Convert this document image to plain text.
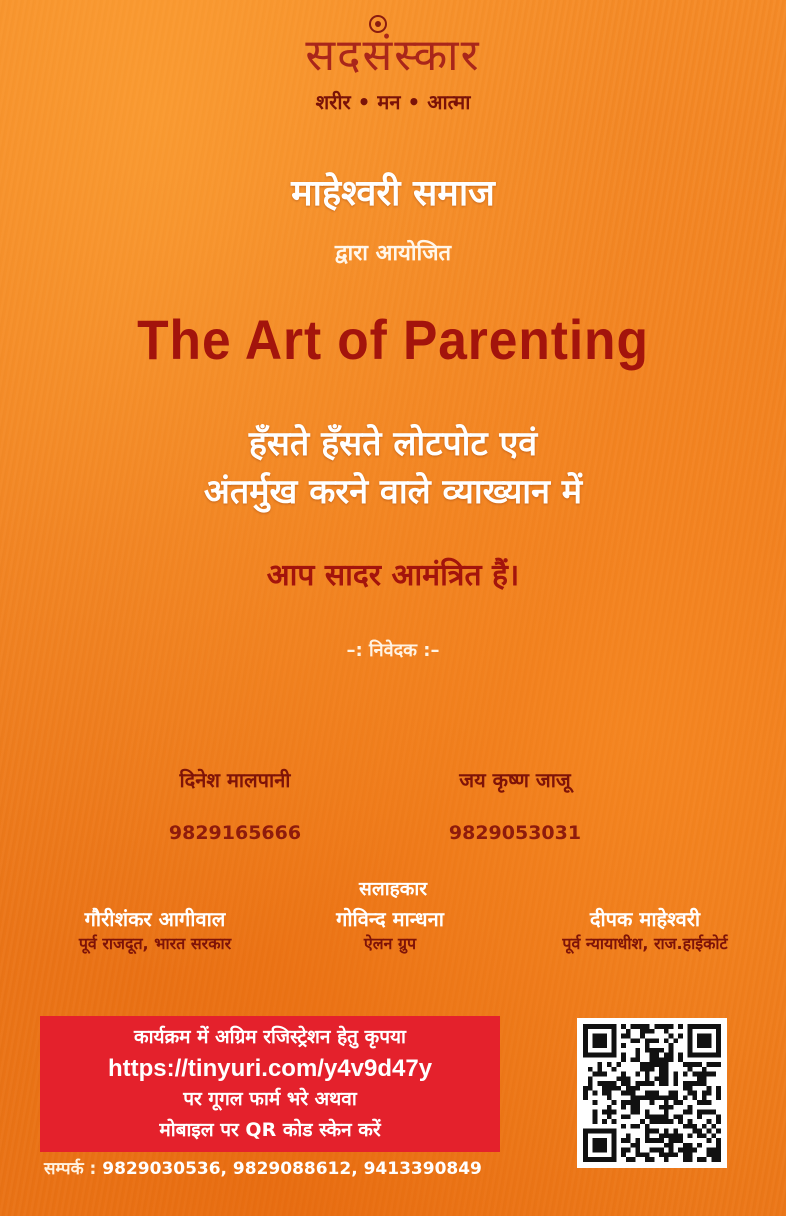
सदसंस्कार
शरीर • मन • आत्मा
माहेश्वरी समाज
द्वारा आयोजित
The Art of Parenting
हँसते हँसते लोटपोट एवं
अंतर्मुख करने वाले व्याख्यान में
आप सादर आमंत्रित हैं।
–: निवेदक :–
दिनेश मालपानी
9829165666
जय कृष्ण जाजू
9829053031
सलाहकार
गौरीशंकर आगीवाल
पूर्व राजदूत, भारत सरकार
गोविन्द मान्धना
ऐलन ग्रुप
दीपक माहेश्वरी
पूर्व न्यायाधीश, राज.हाईकोर्ट
कार्यक्रम में अग्रिम रजिस्ट्रेशन हेतु कृपया
https://tinyuri.com/y4v9d47y
पर गूगल फार्म भरे अथवा
मोबाइल पर QR कोड स्केन करें
सम्पर्क : 9829030536, 9829088612, 9413390849
